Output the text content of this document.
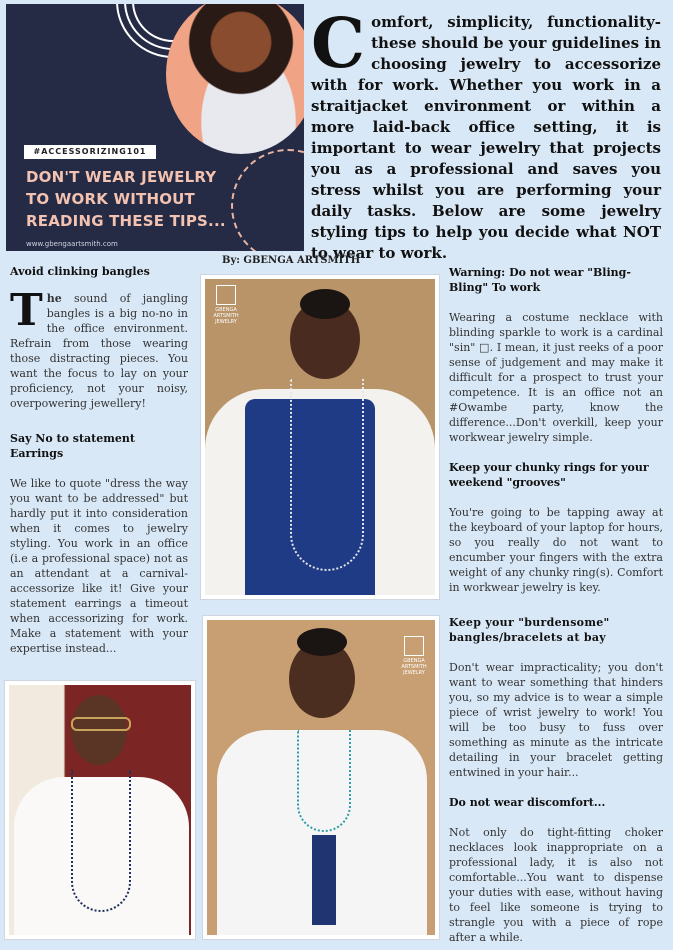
#ACCESSORIZING101
DON'T WEAR JEWELRY TO WORK WITHOUT READING THESE TIPS...
www.gbengaartsmith.com
Comfort, simplicity, functionality- these should be your guidelines in choosing jewelry to accessorize with for work. Whether you work in a straitjacket environment or within a more laid-back office setting, it is important to wear jewelry that projects you as a professional and saves you stress whilst you are performing your daily tasks. Below are some jewelry styling tips to help you decide what NOT to wear to work.
By: GBENGA ARTSMITH

Avoid clinking bangles

The sound of jangling bangles is a big no-no in the office environment. Refrain from those wearing those distracting pieces. You want the focus to lay on your proficiency, not your noisy, overpowering jewellery!

Say No to statement Earrings

We like to quote "dress the way you want to be addressed" but hardly put it into consideration when it comes to jewelry styling. You work in an office (i.e a professional space) not as an attendant at a carnival-accessorize like it! Give your statement earrings a timeout when accessorizing for work. Make a statement with your expertise instead...

Warning: Do not wear "Bling-Bling" To work

Wearing a costume necklace with blinding sparkle to work is a cardinal "sin" □. I mean, it just reeks of a poor sense of judgement and may make it difficult for a prospect to trust your competence. It is an office not an #Owambe party, know the difference...Don't overkill, keep your workwear jewelry simple.

Keep your chunky rings for your weekend "grooves"

You're going to be tapping away at the keyboard of your laptop for hours, so you really do not want to encumber your fingers with the extra weight of any chunky ring(s). Comfort in workwear jewelry is key.

Keep your "burdensome" bangles/bracelets at bay

Don't wear impracticality; you don't want to wear something that hinders you, so my advice is to wear a simple piece of wrist jewelry to work! You will be too busy to fuss over something as minute as the intricate detailing in your bracelet getting entwined in your hair...

Do not wear discomfort...

Not only do tight-fitting choker necklaces look inappropriate on a professional lady, it is also not comfortable...You want to dispense your duties with ease, without having to feel like someone is trying to strangle you with a piece of rope after a while.

GBENGA ARTSMITH JEWELRY
GBENGA ARTSMITH JEWELRY
